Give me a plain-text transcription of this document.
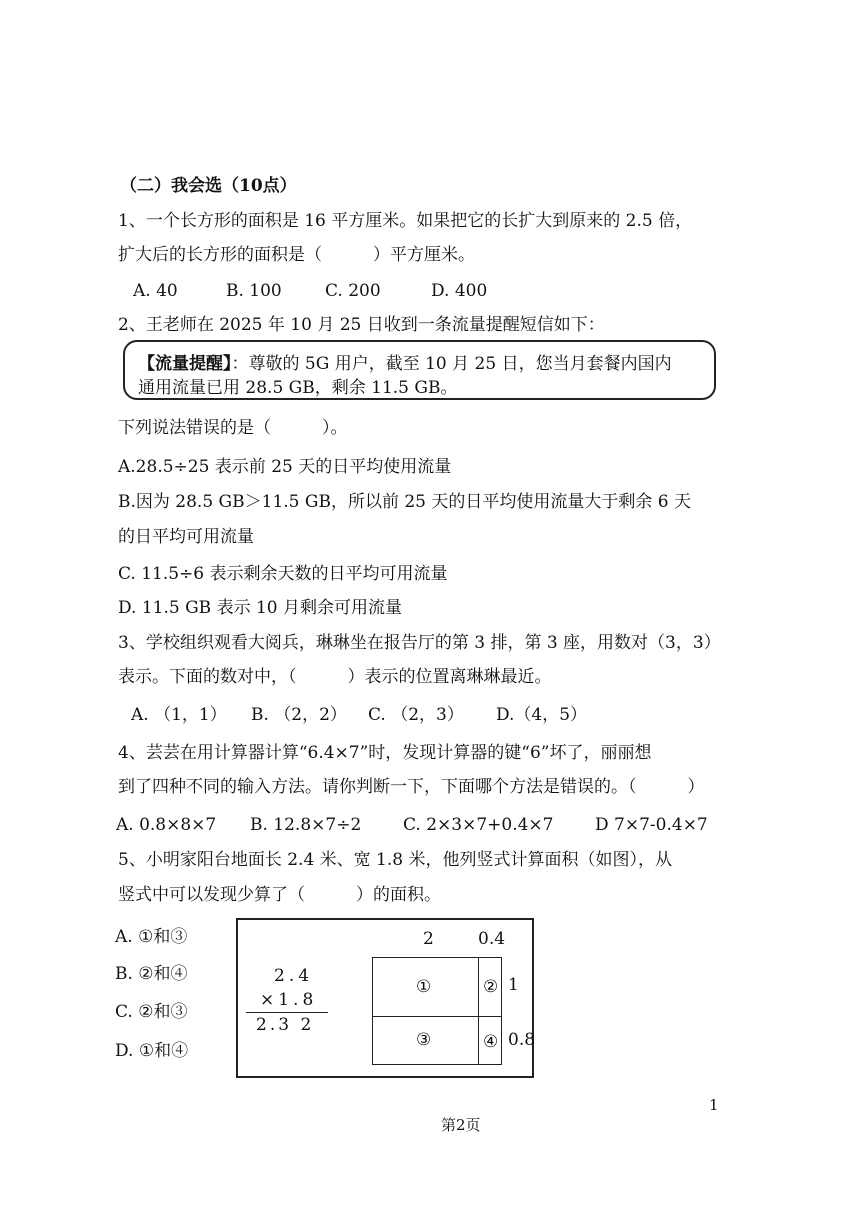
（二）我会选（10点）
1、一个长方形的面积是 16 平方厘米。如果把它的长扩大到原来的 2.5 倍，
扩大后的长方形的面积是（　　　）平方厘米。
A. 40	B. 100	C. 200	D. 400
2、王老师在 2025 年 10 月 25 日收到一条流量提醒短信如下：
【流量提醒】：尊敬的 5G 用户，截至 10 月 25 日，您当月套餐内国内
通用流量已用 28.5 GB，剩余 11.5 GB。
下列说法错误的是（　　　）。
A.28.5÷25 表示前 25 天的日平均使用流量
B.因为 28.5 GB＞11.5 GB，所以前 25 天的日平均使用流量大于剩余 6 天
的日平均可用流量
C. 11.5÷6 表示剩余天数的日平均可用流量
D. 11.5 GB 表示 10 月剩余可用流量
3、学校组织观看大阅兵，琳琳坐在报告厅的第 3 排，第 3 座，用数对（3，3）
表示。下面的数对中，（　　　）表示的位置离琳琳最近。
A. （1，1） B. （2，2） C. （2，3） D.（4，5）
4、芸芸在用计算器计算“6.4×7”时，发现计算器的键“6”坏了，丽丽想
到了四种不同的输入方法。请你判断一下，下面哪个方法是错误的。（　　　）
A. 0.8×8×7 B. 12.8×7÷2 C. 2×3×7+0.4×7 D 7×7-0.4×7
5、小明家阳台地面长 2.4 米、宽 1.8 米，他列竖式计算面积（如图），从
竖式中可以发现少算了（　　　）的面积。
A. ①和③
B. ②和④
C. ②和③
D. ①和④
2.4
×1.8
2.3 2
2	0.4
①	②
③	④
1
0.8
第2页
1
